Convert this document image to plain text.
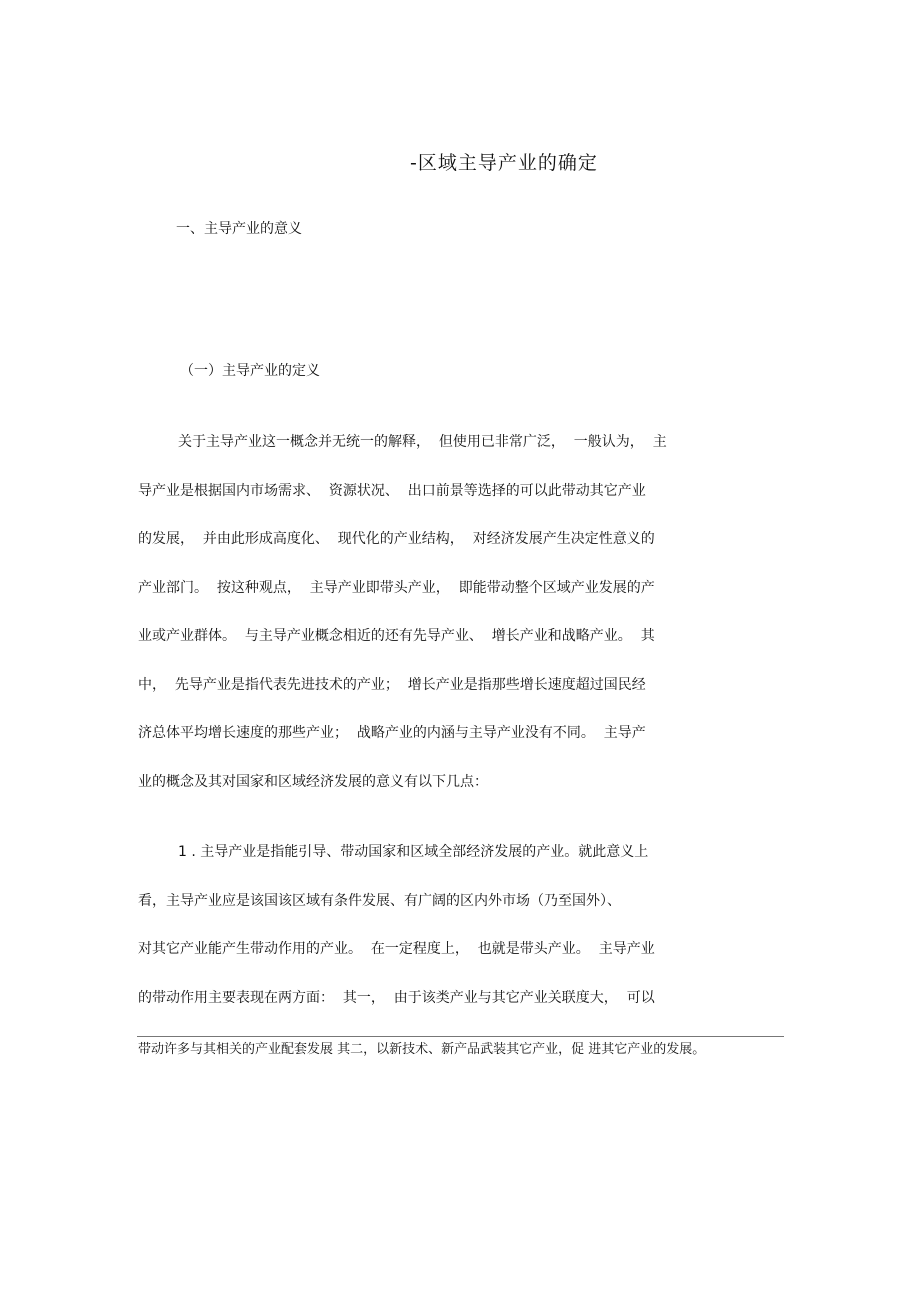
-区域主导产业的确定
一、主导产业的意义
（一）主导产业的定义
关于主导产业这一概念并无统一的解释，  但使用已非常广泛，  一般认为，  主
导产业是根据国内市场需求、  资源状况、  出口前景等选择的可以此带动其它产业
的发展，  并由此形成高度化、  现代化的产业结构，  对经济发展产生决定性意义的
产业部门。  按这种观点，  主导产业即带头产业，  即能带动整个区域产业发展的产
业或产业群体。  与主导产业概念相近的还有先导产业、  增长产业和战略产业。  其
中，  先导产业是指代表先进技术的产业；  增长产业是指那些增长速度超过国民经
济总体平均增长速度的那些产业；  战略产业的内涵与主导产业没有不同。  主导产
业的概念及其对国家和区域经济发展的意义有以下几点：
1 . 主导产业是指能引导、带动国家和区域全部经济发展的产业。就此意义上
看，主导产业应是该国该区域有条件发展、有广阔的区内外市场（乃至国外）、
对其它产业能产生带动作用的产业。  在一定程度上，  也就是带头产业。  主导产业
的带动作用主要表现在两方面：  其一，  由于该类产业与其它产业关联度大，  可以
带动许多与其相关的产业配套发展 其二，以新技术、新产品武装其它产业，促 进其它产业的发展。
